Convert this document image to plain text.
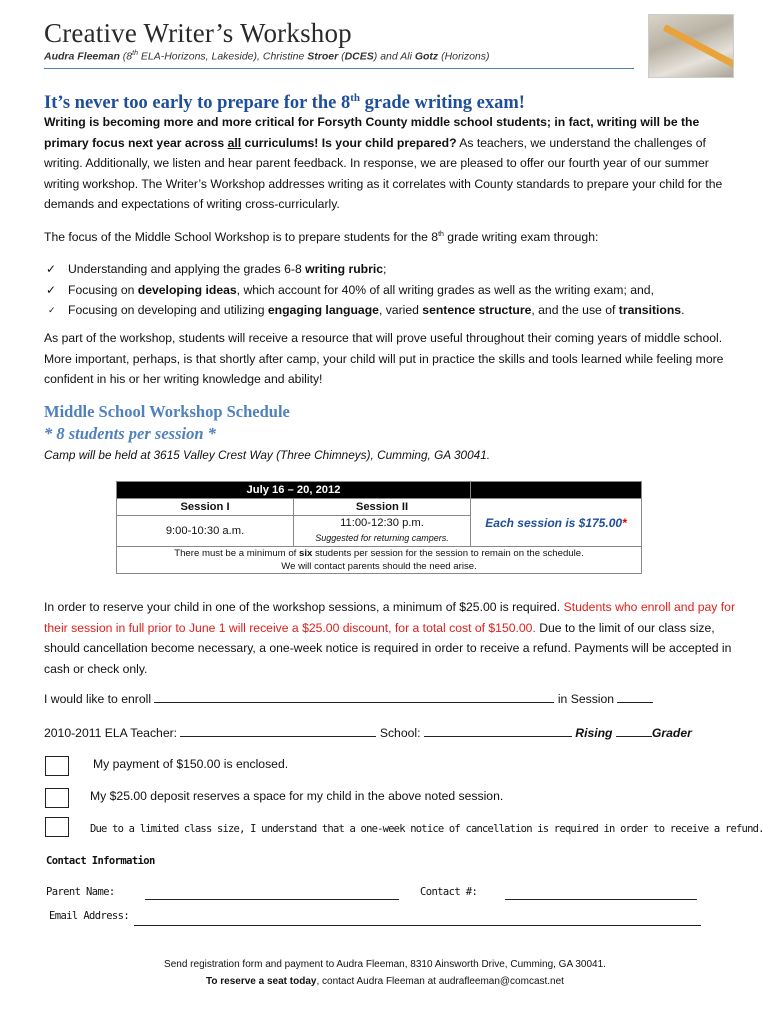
Creative Writer’s Workshop
Audra Fleeman (8th ELA-Horizons, Lakeside), Christine Stroer (DCES) and Ali Gotz (Horizons)
It’s never too early to prepare for the 8th grade writing exam!
Writing is becoming more and more critical for Forsyth County middle school students; in fact, writing will be the primary focus next year across all curriculums! Is your child prepared? As teachers, we understand the challenges of writing. Additionally, we listen and hear parent feedback. In response, we are pleased to offer our fourth year of our summer writing workshop. The Writer’s Workshop addresses writing as it correlates with County standards to prepare your child for the demands and expectations of writing cross-curricularly.
The focus of the Middle School Workshop is to prepare students for the 8th grade writing exam through:
✓ Understanding and applying the grades 6-8 writing rubric;
✓ Focusing on developing ideas, which account for 40% of all writing grades as well as the writing exam; and,
✓ Focusing on developing and utilizing engaging language, varied sentence structure, and the use of transitions.
As part of the workshop, students will receive a resource that will prove useful throughout their coming years of middle school. More important, perhaps, is that shortly after camp, your child will put in practice the skills and tools learned while feeling more confident in his or her writing knowledge and ability!
Middle School Workshop Schedule
* 8 students per session *
Camp will be held at 3615 Valley Crest Way (Three Chimneys), Cumming, GA 30041.
July 16 – 20, 2012		
Session I	Session II	Each session is $175.00*
9:00-10:30 a.m.	11:00-12:30 p.m.
Suggested for returning campers.	

There must be a minimum of six students per session for the session to remain on the schedule.
We will contact parents should the need arise.		
In order to reserve your child in one of the workshop sessions, a minimum of $25.00 is required. Students who enroll and pay for their session in full prior to June 1 will receive a $25.00 discount, for a total cost of $150.00. Due to the limit of our class size, should cancellation become necessary, a one-week notice is required in order to receive a refund. Payments will be accepted in cash or check only.
I would like to enroll	in Session
2010-2011 ELA Teacher:	School:	Rising	Grader
My payment of $150.00 is enclosed.
My $25.00 deposit reserves a space for my child in the above noted session.
Due to a limited class size, I understand that a one-week notice of cancellation is required in order to receive a refund.
Contact Information
Parent Name:	Contact #:
Email Address:
Send registration form and payment to Audra Fleeman, 8310 Ainsworth Drive, Cumming, GA 30041.
To reserve a seat today, contact Audra Fleeman at audrafleeman@comcast.net
